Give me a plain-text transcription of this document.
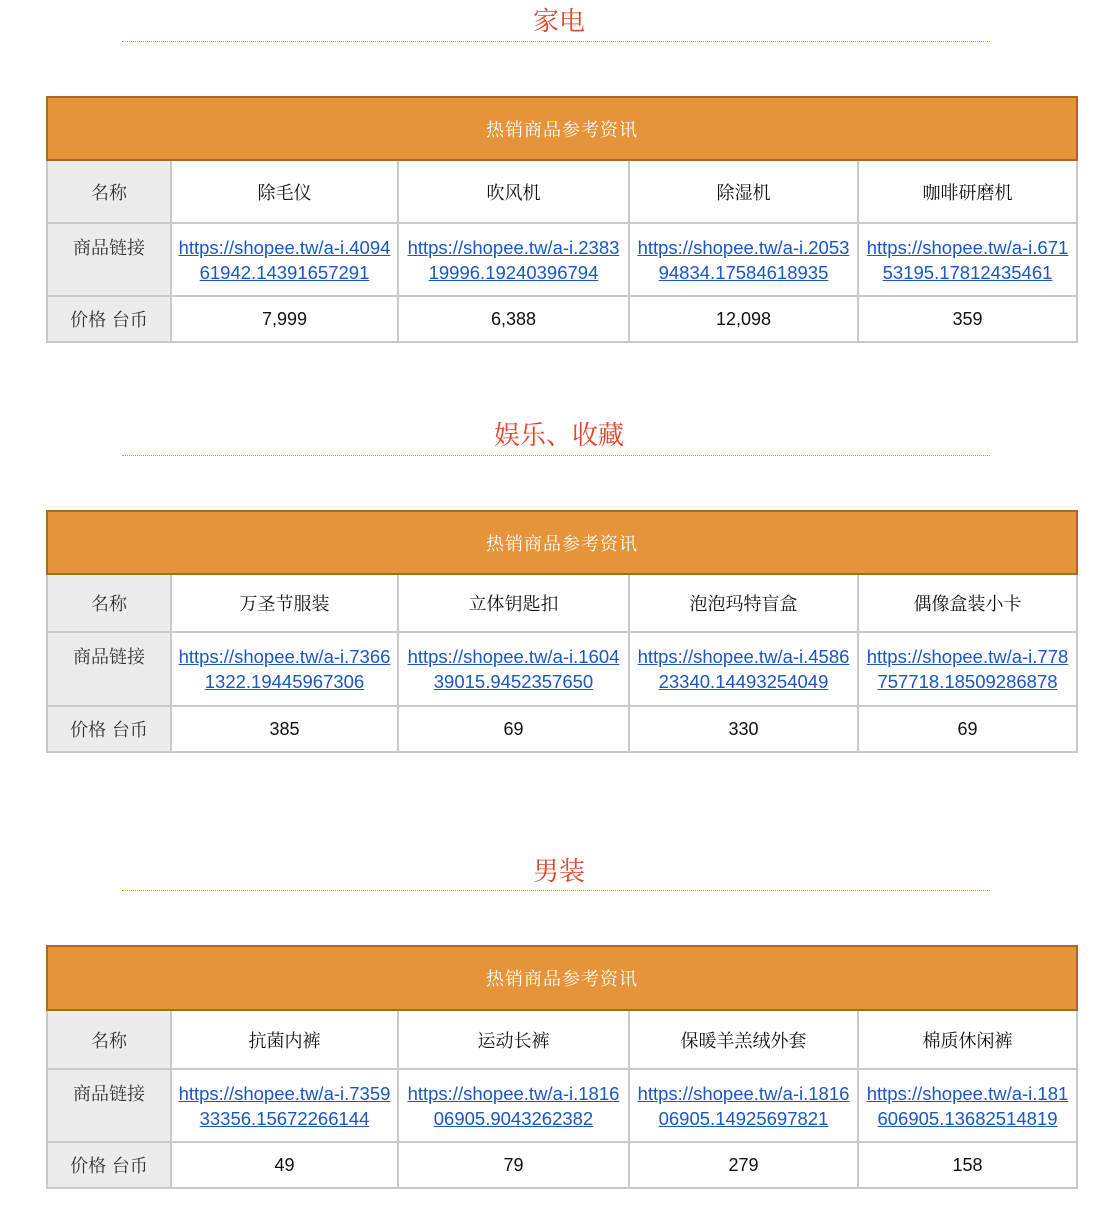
家电
热销商品参考资讯				
名称	除毛仪	吹风机	除湿机	咖啡研磨机
商品链接	https://shopee.tw/a-i.409461942.14391657291	https://shopee.tw/a-i.238319996.19240396794	https://shopee.tw/a-i.205394834.17584618935	https://shopee.tw/a-i.67153195.17812435461

价格 台币	7,999	6,388	12,098	359
娱乐、收藏
热销商品参考资讯				
名称	万圣节服装	立体钥匙扣	泡泡玛特盲盒	偶像盒装小卡
商品链接	https://shopee.tw/a-i.73661322.19445967306	https://shopee.tw/a-i.160439015.9452357650	https://shopee.tw/a-i.458623340.14493254049	https://shopee.tw/a-i.778757718.18509286878

价格 台币	385	69	330	69
男装
热销商品参考资讯				
名称	抗菌内裤	运动长裤	保暖羊羔绒外套	棉质休闲裤
商品链接	https://shopee.tw/a-i.735933356.15672266144	https://shopee.tw/a-i.181606905.9043262382	https://shopee.tw/a-i.181606905.14925697821	https://shopee.tw/a-i.181606905.13682514819

价格 台币	49	79	279	158
